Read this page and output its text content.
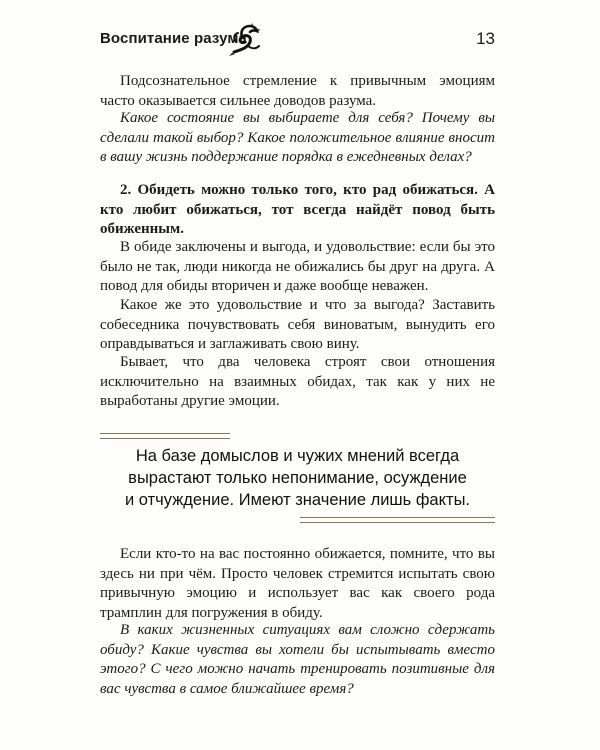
Воспитание разума	13

Подсознательное стремление к привычным эмоциям часто оказывается сильнее доводов разума.

Какое состояние вы выбираете для себя? Почему вы сделали такой выбор? Какое положительное влияние вносит в вашу жизнь поддержание порядка в ежедневных делах?

2. Обидеть можно только того, кто рад обижаться. А кто любит обижаться, тот всегда найдёт повод быть обиженным.

В обиде заключены и выгода, и удовольствие: если бы это было не так, люди никогда не обижались бы друг на друга. А повод для обиды вторичен и даже вообще неважен.

Какое же это удовольствие и что за выгода? Заставить собеседника почувствовать себя виноватым, вынудить его оправдываться и заглаживать свою вину.

Бывает, что два человека строят свои отношения исключительно на взаимных обидах, так как у них не выработаны другие эмоции.

На базе домыслов и чужих мнений всегда
вырастают только непонимание, осуждение
и отчуждение. Имеют значение лишь факты.

Если кто-то на вас постоянно обижается, помните, что вы здесь ни при чём. Просто человек стремится испытать свою привычную эмоцию и использует вас как своего рода трамплин для погружения в обиду.

В каких жизненных ситуациях вам сложно сдержать обиду? Какие чувства вы хотели бы испытывать вместо этого? С чего можно начать тренировать позитивные для вас чувства в самое ближайшее время?
